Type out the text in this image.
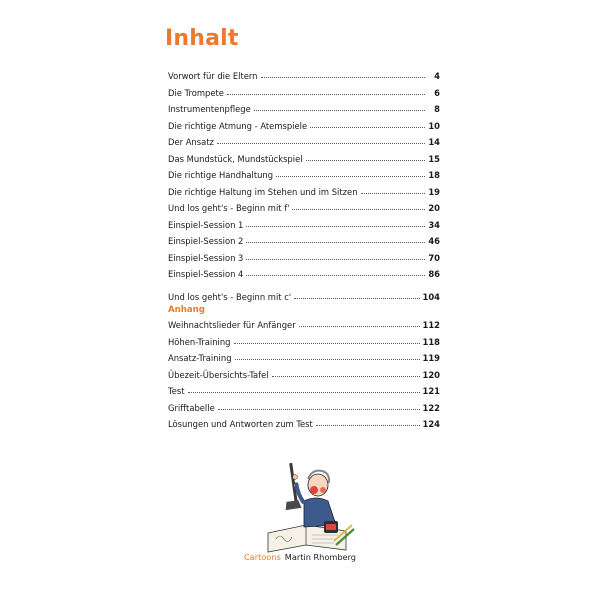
Inhalt
Vorwort für die Eltern	4
Die Trompete	6
Instrumentenpflege	8
Die richtige Atmung - Atemspiele	10
Der Ansatz	14
Das Mundstück, Mundstückspiel	15
Die richtige Handhaltung	18
Die richtige Haltung im Stehen und im Sitzen	19
Und los geht's - Beginn mit f'	20
Einspiel-Session 1	34
Einspiel-Session 2	46
Einspiel-Session 3	70
Einspiel-Session 4	86
Und los geht's - Beginn mit c'	104
Anhang
Weihnachtslieder für Anfänger	112
Höhen-Training	118
Ansatz-Training	119
Übezeit-Übersichts-Tafel	120
Test	121
Grifftabelle	122
Lösungen und Antworten zum Test	124
Cartoons Martin Rhomberg
